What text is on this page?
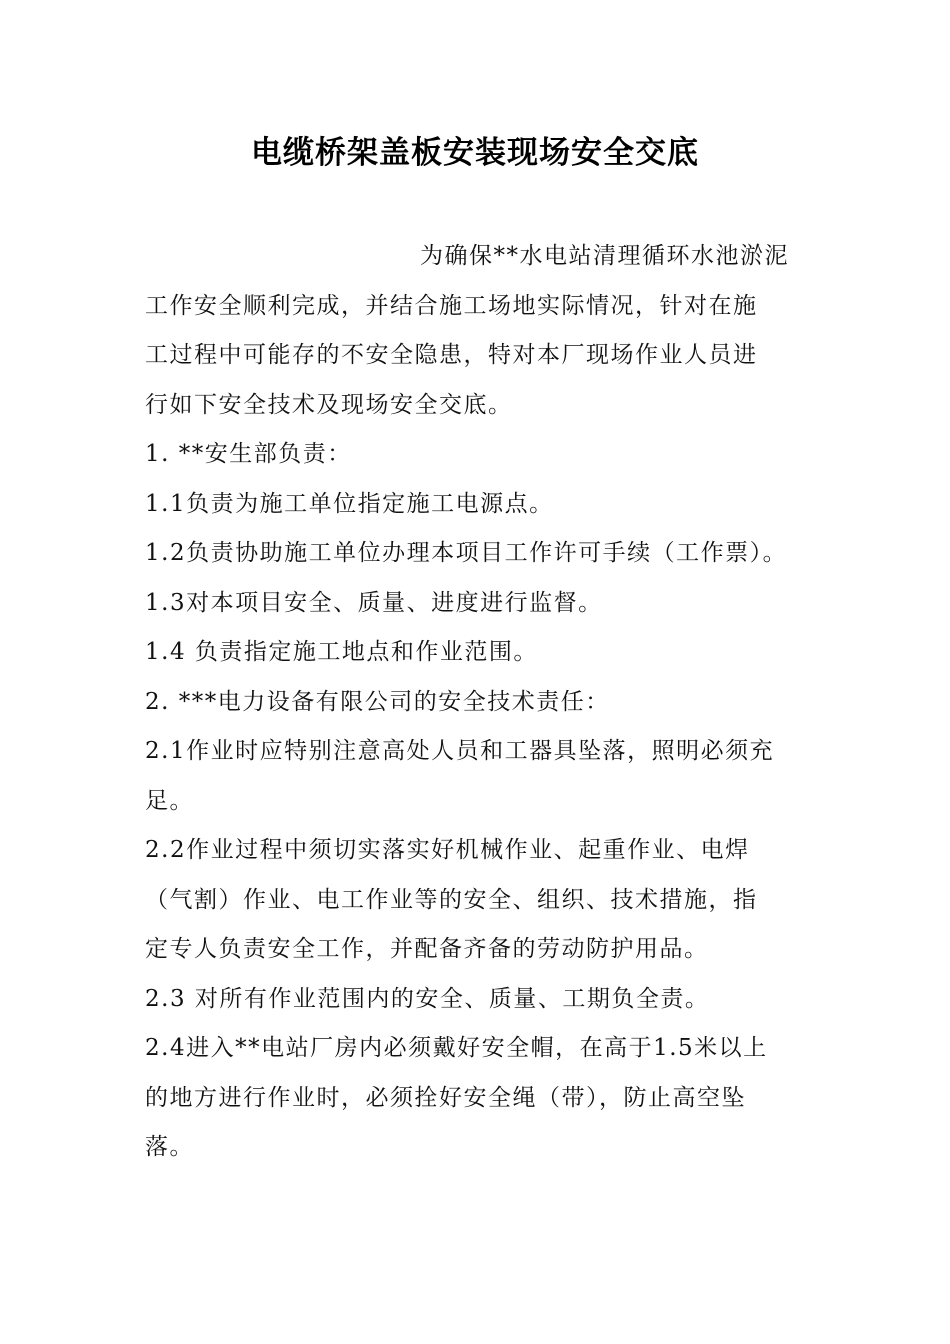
电缆桥架盖板安装现场安全交底
为确保**水电站清理循环水池淤泥
工作安全顺利完成，并结合施工场地实际情况，针对在施
工过程中可能存的不安全隐患，特对本厂现场作业人员进
行如下安全技术及现场安全交底。
1. **安生部负责：
1.1负责为施工单位指定施工电源点。
1.2负责协助施工单位办理本项目工作许可手续（工作票）。
1.3对本项目安全、质量、进度进行监督。
1.4 负责指定施工地点和作业范围。
2. ***电力设备有限公司的安全技术责任：
2.1作业时应特别注意高处人员和工器具坠落，照明必须充
足。
2.2作业过程中须切实落实好机械作业、起重作业、电焊
（气割）作业、电工作业等的安全、组织、技术措施，指
定专人负责安全工作，并配备齐备的劳动防护用品。
2.3 对所有作业范围内的安全、质量、工期负全责。
2.4进入**电站厂房内必须戴好安全帽，在高于1.5米以上
的地方进行作业时，必须拴好安全绳（带），防止高空坠
落。
